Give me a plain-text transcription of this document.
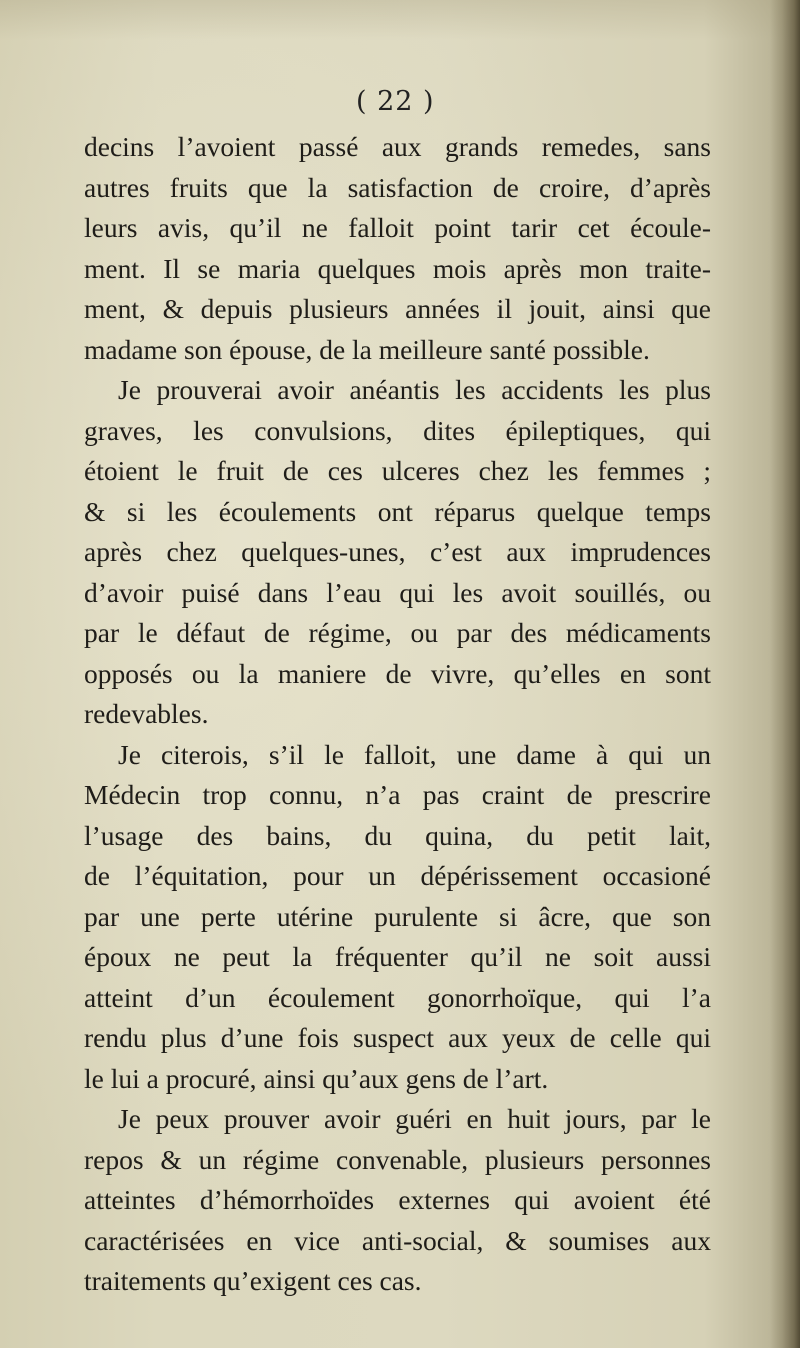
( 22 )
decins l’avoient passé aux grands remedes, sans
autres fruits que la satisfaction de croire, d’après
leurs avis, qu’il ne falloit point tarir cet écoule-
ment. Il se maria quelques mois après mon traite-
ment, & depuis plusieurs années il jouit, ainsi que
madame son épouse, de la meilleure santé possible.
Je prouverai avoir anéantis les accidents les plus
graves, les convulsions, dites épileptiques, qui
étoient le fruit de ces ulceres chez les femmes ;
& si les écoulements ont réparus quelque temps
après chez quelques-unes, c’est aux imprudences
d’avoir puisé dans l’eau qui les avoit souillés, ou
par le défaut de régime, ou par des médicaments
opposés ou la maniere de vivre, qu’elles en sont
redevables.
Je citerois, s’il le falloit, une dame à qui un
Médecin trop connu, n’a pas craint de prescrire
l’usage des bains, du quina, du petit lait,
de l’équitation, pour un dépérissement occasioné
par une perte utérine purulente si âcre, que son
époux ne peut la fréquenter qu’il ne soit aussi
atteint d’un écoulement gonorrhoïque, qui l’a
rendu plus d’une fois suspect aux yeux de celle qui
le lui a procuré, ainsi qu’aux gens de l’art.
Je peux prouver avoir guéri en huit jours, par le
repos & un régime convenable, plusieurs personnes
atteintes d’hémorrhoïdes externes qui avoient été
caractérisées en vice anti-social, & soumises aux
traitements qu’exigent ces cas.
